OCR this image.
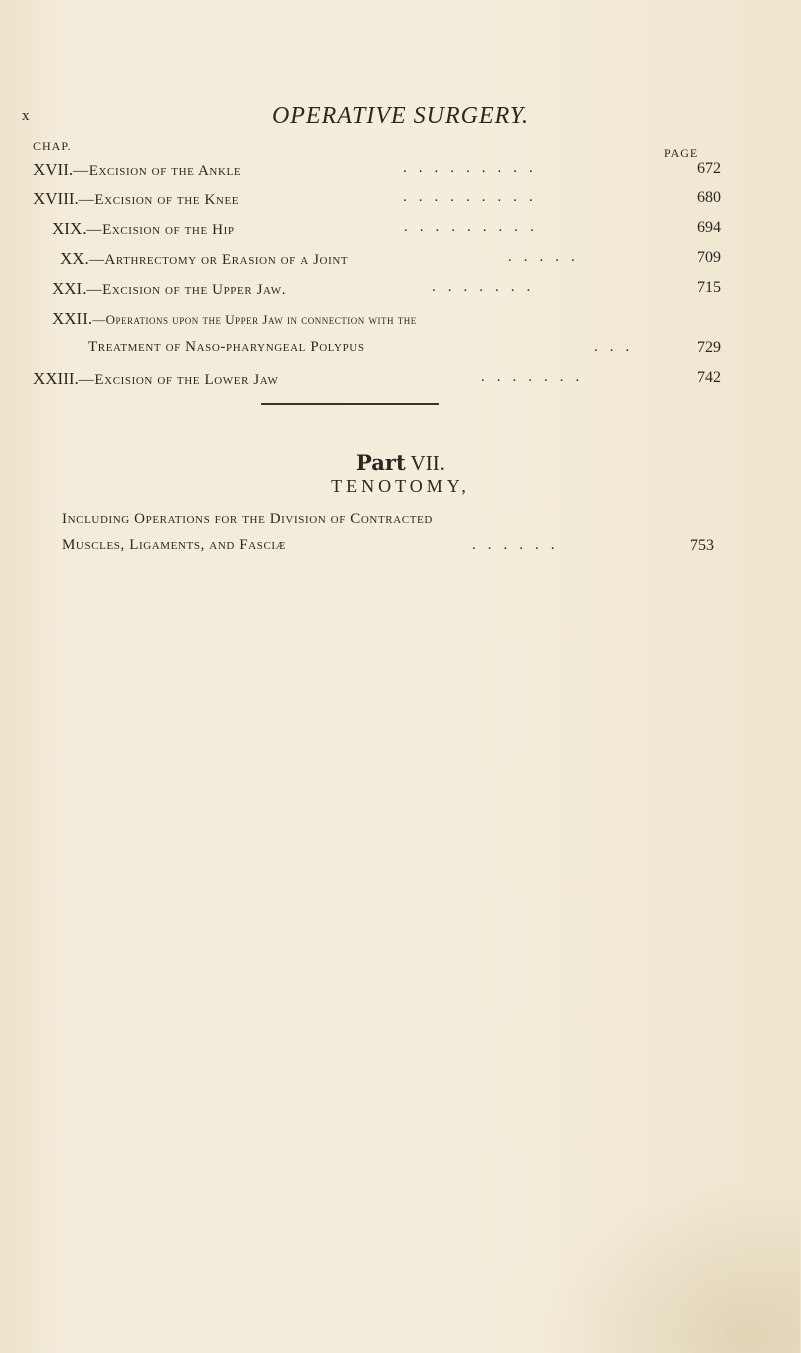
x	OPERATIVE SURGERY.
CHAP.	PAGE
XVII.—Excision of the Ankle	.........	672
XVIII.—Excision of the Knee	.........	680
XIX.—Excision of the Hip	.........	694
XX.—Arthrectomy or Erasion of a Joint	.....	709
XXI.—Excision of the Upper Jaw.	.......	715
XXII.—Operations upon the Upper Jaw in connection with the
Treatment of Naso-pharyngeal Polypus	...	729
XXIII.—Excision of the Lower Jaw	.......	742
Part VII.
TENOTOMY,
Including Operations for the Division of Contracted
Muscles, Ligaments, and Fasciæ	......	753
